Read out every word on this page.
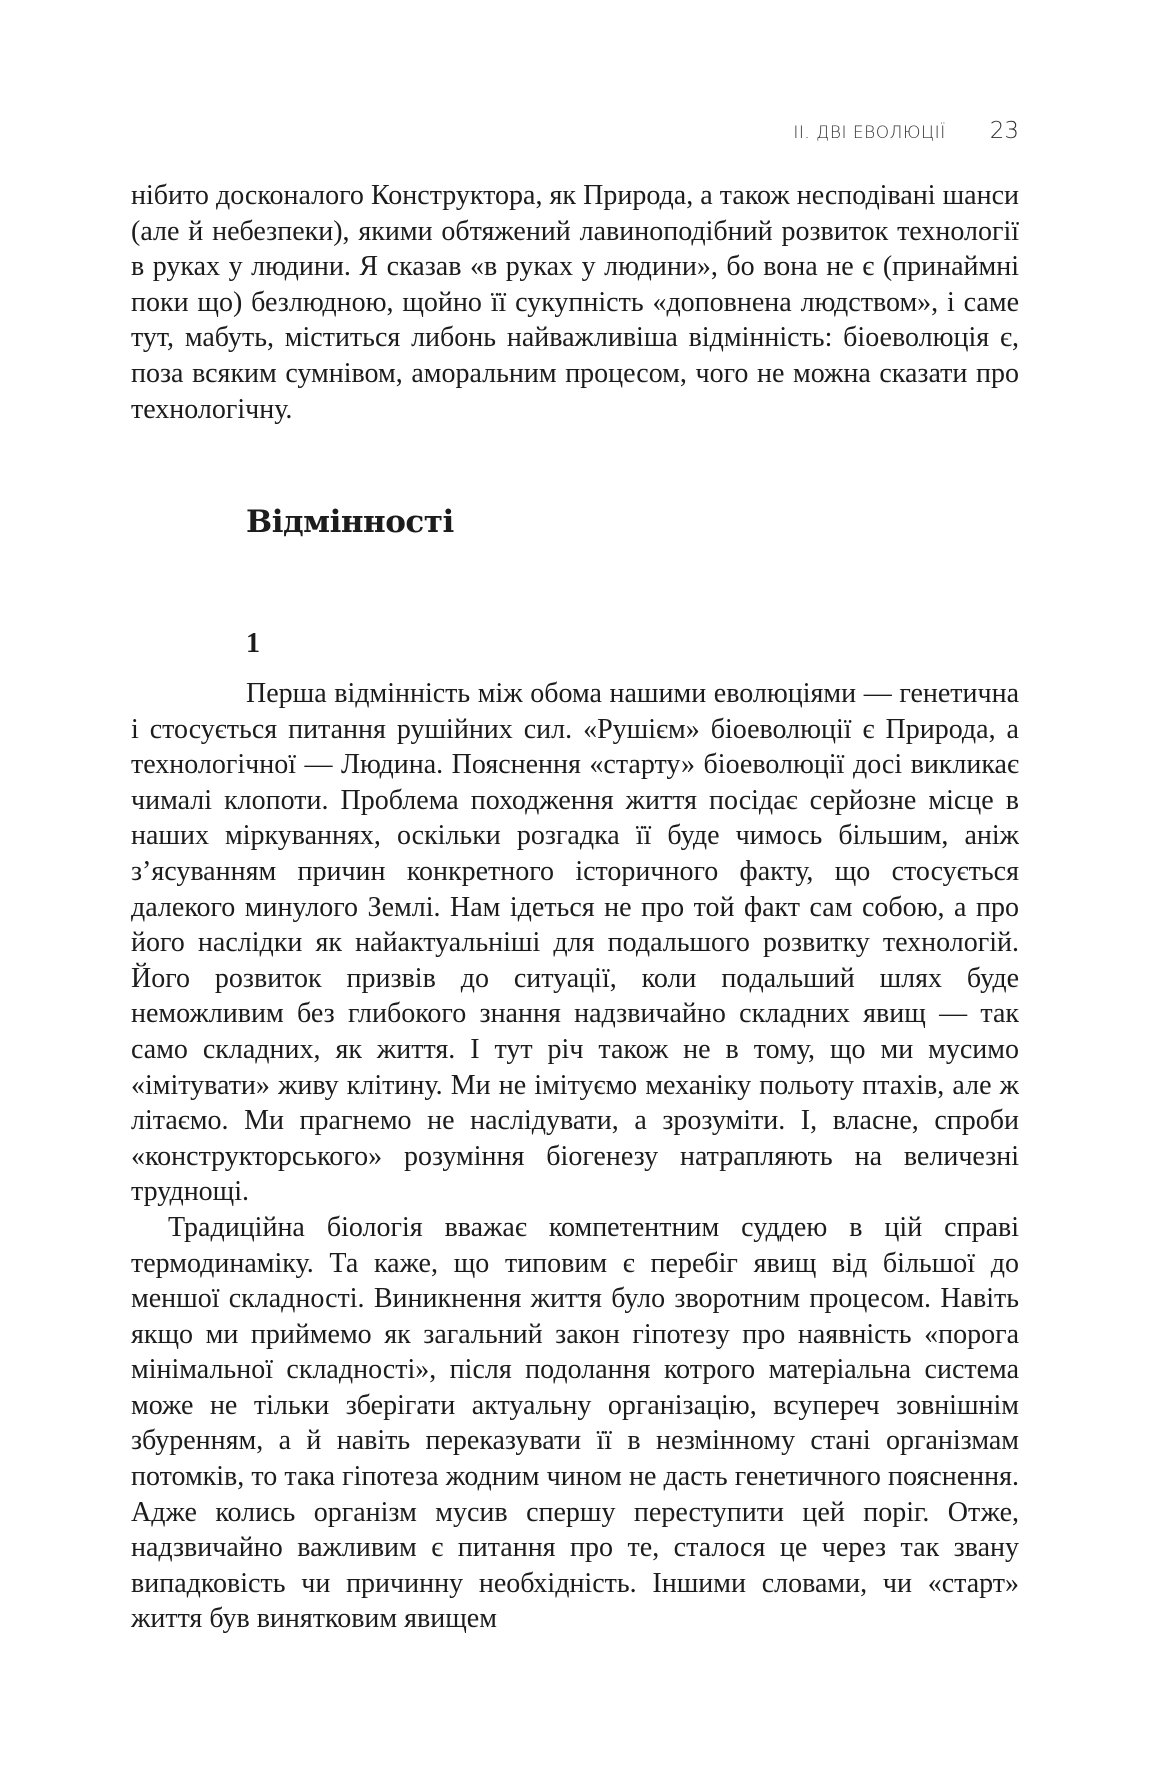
II. ДВІ ЕВОЛЮЦІЇ 23
нібито досконалого Конструктора, як Природа, а також несподівані шанси (але й небезпеки), якими обтяжений лавиноподібний розвиток технології в руках у людини. Я сказав «в руках у людини», бо вона не є (принаймні поки що) безлюдною, щойно її сукупність «доповнена людством», і саме тут, мабуть, міститься либонь найважливіша відмінність: біоеволюція є, поза всяким сумнівом, аморальним процесом, чого не можна сказати про технологічну.
Відмінності
1

Перша відмінність між обома нашими еволюціями — генетична і стосується питання рушійних сил. «Рушієм» біоеволюції є Природа, а технологічної — Людина. Пояснення «старту» біоеволюції досі викликає чималі клопоти. Проблема походження життя посідає серйозне місце в наших міркуваннях, оскільки розгадка її буде чимось більшим, аніж з’ясуванням причин конкретного історичного факту, що стосується далекого минулого Землі. Нам ідеться не про той факт сам собою, а про його наслідки як найактуальніші для подальшого розвитку технологій. Його розвиток призвів до ситуації, коли подальший шлях буде неможливим без глибокого знання надзвичайно складних явищ — так само складних, як життя. І тут річ також не в тому, що ми мусимо «імітувати» живу клітину. Ми не імітуємо механіку польоту птахів, але ж літаємо. Ми прагнемо не наслідувати, а зрозуміти. І, власне, спроби «конструкторського» розуміння біогенезу натрапляють на величезні труднощі.

Традиційна біологія вважає компетентним суддею в цій справі термодинаміку. Та каже, що типовим є перебіг явищ від більшої до меншої складності. Виникнення життя було зворотним процесом. Навіть якщо ми приймемо як загальний закон гіпотезу про наявність «порога мінімальної складності», після подолання котрого матеріальна система може не тільки зберігати актуальну організацію, всупереч зовнішнім збуренням, а й навіть переказувати її в незмінному стані організмам потомків, то така гіпотеза жодним чином не дасть генетичного пояснення. Адже колись організм мусив спершу переступити цей поріг. Отже, надзвичайно важливим є питання про те, сталося це через так звану випадковість чи причинну необхідність. Іншими словами, чи «старт» життя був винятковим явищем
